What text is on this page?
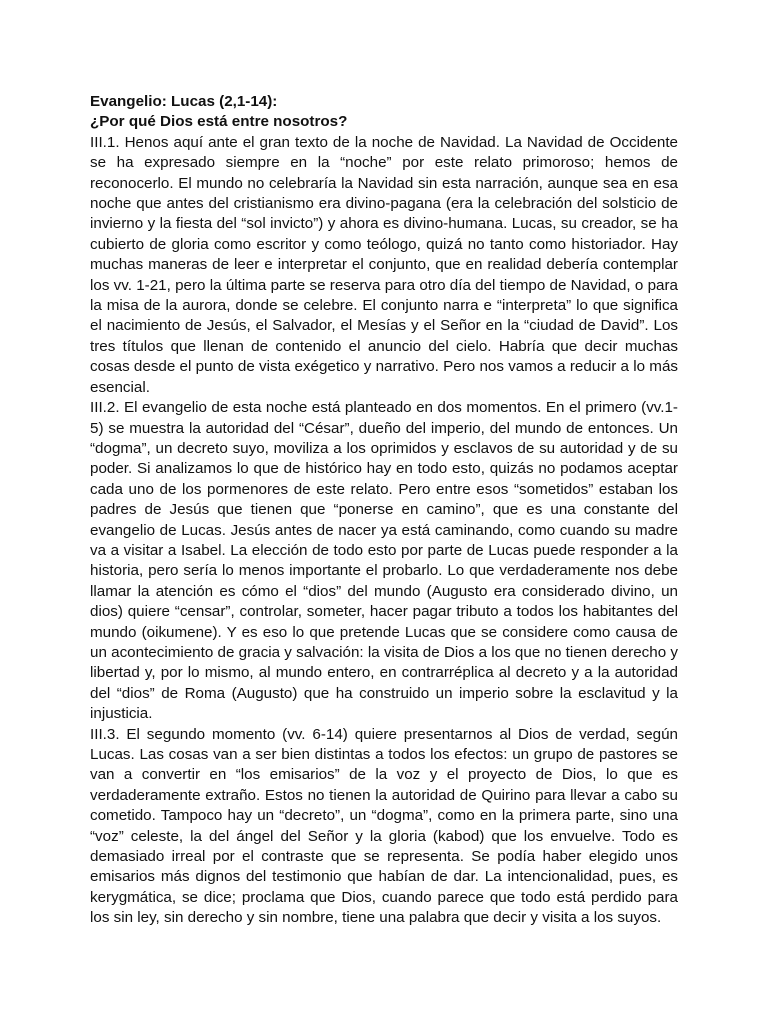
Evangelio: Lucas (2,1-14):

¿Por qué Dios está entre nosotros?

III.1. Henos aquí ante el gran texto de la noche de Navidad. La Navidad de Occidente se ha expresado siempre en la “noche” por este relato primoroso; hemos de reconocerlo. El mundo no celebraría la Navidad sin esta narración, aunque sea en esa noche que antes del cristianismo era divino-pagana (era la celebración del solsticio de invierno y la fiesta del “sol invicto”) y ahora es divino-humana. Lucas, su creador, se ha cubierto de gloria como escritor y como teólogo, quizá no tanto como historiador. Hay muchas maneras de leer e interpretar el conjunto, que en realidad debería contemplar los vv. 1-21, pero la última parte se reserva para otro día del tiempo de Navidad, o para la misa de la aurora, donde se celebre. El conjunto narra e “interpreta” lo que significa el nacimiento de Jesús, el Salvador, el Mesías y el Señor en la “ciudad de David”. Los tres títulos que llenan de contenido el anuncio del cielo. Habría que decir muchas cosas desde el punto de vista exégetico y narrativo. Pero nos vamos a reducir a lo más esencial.

III.2. El evangelio de esta noche está planteado en dos momentos. En el primero (vv.1-5) se muestra la autoridad del “César”, dueño del imperio, del mundo de entonces. Un “dogma”, un decreto suyo, moviliza a los oprimidos y esclavos de su autoridad y de su poder. Si analizamos lo que de histórico hay en todo esto, quizás no podamos aceptar cada uno de los pormenores de este relato. Pero entre esos “sometidos” estaban los padres de Jesús que tienen que “ponerse en camino”, que es una constante del evangelio de Lucas. Jesús antes de nacer ya está caminando, como cuando su madre va a visitar a Isabel. La elección de todo esto por parte de Lucas puede responder a la historia, pero sería lo menos importante el probarlo. Lo que verdaderamente nos debe llamar la atención es cómo el “dios” del mundo (Augusto era considerado divino, un dios) quiere “censar”, controlar, someter, hacer pagar tributo a todos los habitantes del mundo (oikumene). Y es eso lo que pretende Lucas que se considere como causa de un acontecimiento de gracia y salvación: la visita de Dios a los que no tienen derecho y libertad y, por lo mismo, al mundo entero, en contrarréplica al decreto y a la autoridad del “dios” de Roma (Augusto) que ha construido un imperio sobre la esclavitud y la injusticia.

III.3. El segundo momento (vv. 6-14) quiere presentarnos al Dios de verdad, según Lucas. Las cosas van a ser bien distintas a todos los efectos: un grupo de pastores se van a convertir en “los emisarios” de la voz y el proyecto de Dios, lo que es verdaderamente extraño. Estos no tienen la autoridad de Quirino para llevar a cabo su cometido. Tampoco hay un “decreto”, un “dogma”, como en la primera parte, sino una “voz” celeste, la del ángel del Señor y la gloria (kabod) que los envuelve. Todo es demasiado irreal por el contraste que se representa. Se podía haber elegido unos emisarios más dignos del testimonio que habían de dar. La intencionalidad, pues, es kerygmática, se dice; proclama que Dios, cuando parece que todo está perdido para los sin ley, sin derecho y sin nombre, tiene una palabra que decir y visita a los suyos.
